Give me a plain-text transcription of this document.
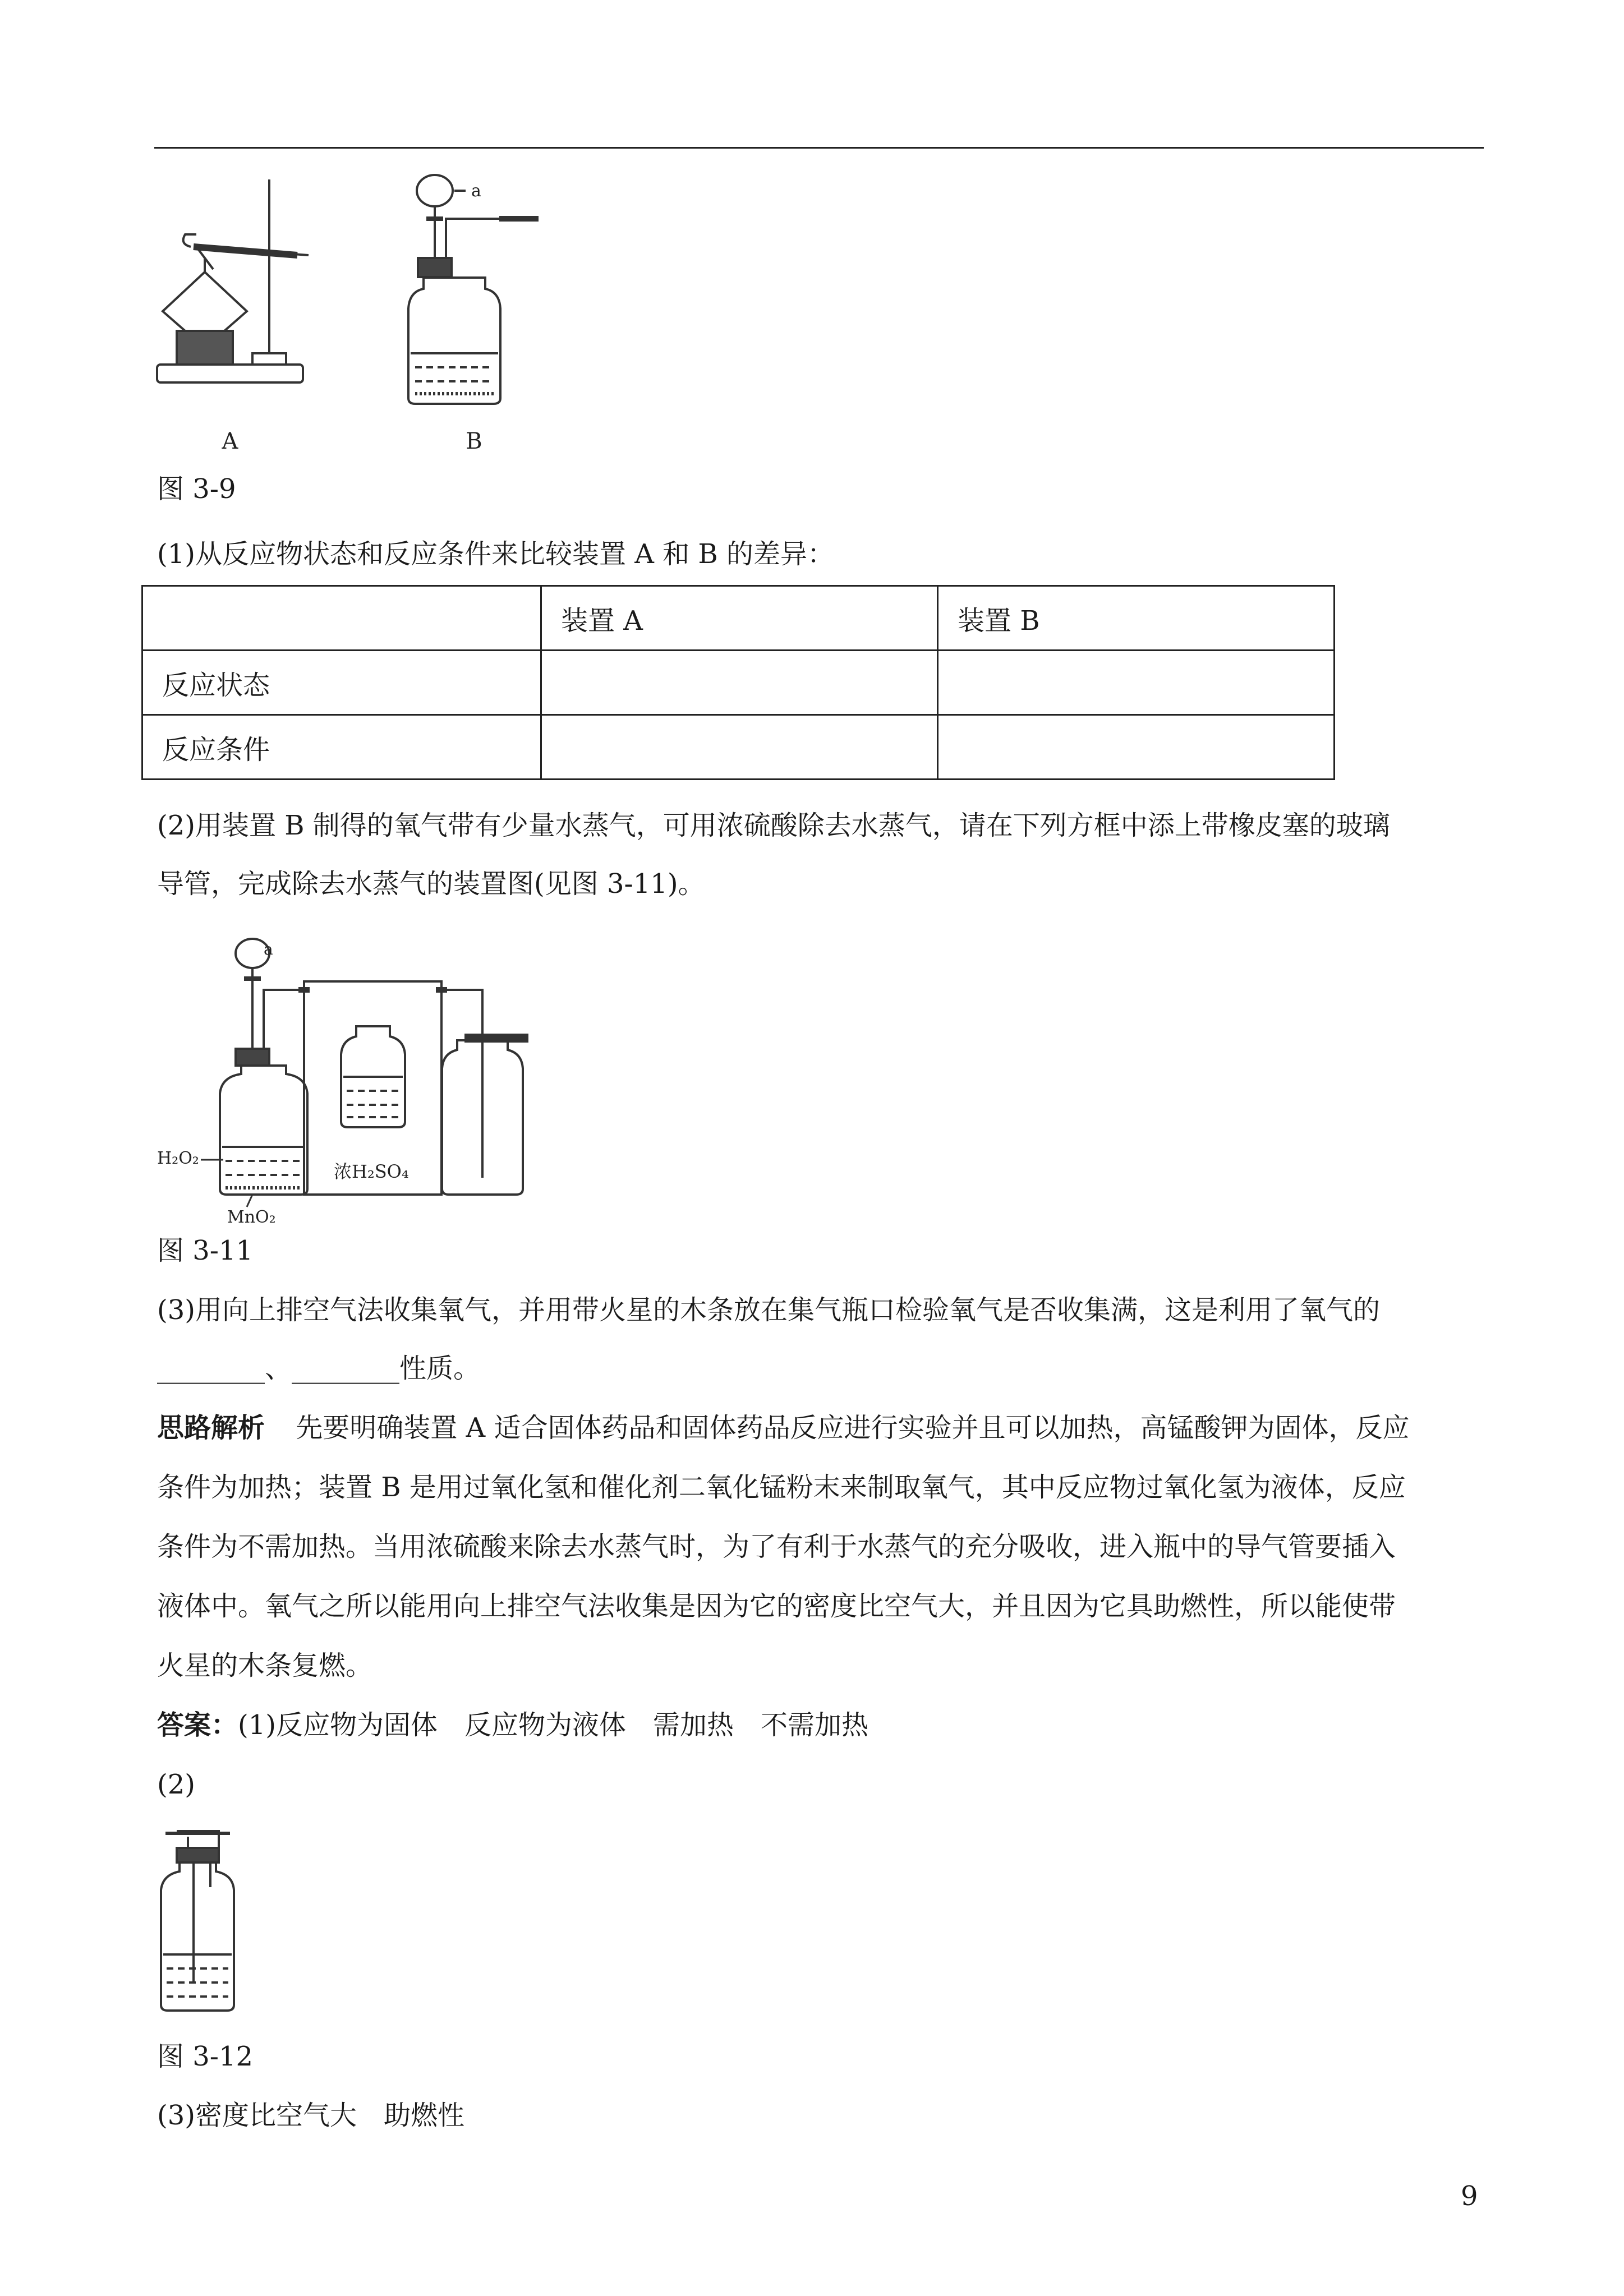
A
a
B
图 3-9
(1)从反应物状态和反应条件来比较装置 A 和 B 的差异：
	装置 A	装置 B
反应状态		
反应条件		
(2)用装置 B 制得的氧气带有少量水蒸气，可用浓硫酸除去水蒸气，请在下列方框中添上带橡皮塞的玻璃
导管，完成除去水蒸气的装置图(见图 3-11)。
a
H₂O₂
MnO₂
浓H₂SO₄
图 3-11
(3)用向上排空气法收集氧气，并用带火星的木条放在集气瓶口检验氧气是否收集满，这是利用了氧气的
________、________性质。
思路解析 先要明确装置 A 适合固体药品和固体药品反应进行实验并且可以加热，高锰酸钾为固体，反应
条件为加热；装置 B 是用过氧化氢和催化剂二氧化锰粉末来制取氧气，其中反应物过氧化氢为液体，反应
条件为不需加热。当用浓硫酸来除去水蒸气时，为了有利于水蒸气的充分吸收，进入瓶中的导气管要插入
液体中。氧气之所以能用向上排空气法收集是因为它的密度比空气大，并且因为它具助燃性，所以能使带
火星的木条复燃。
答案：(1)反应物为固体　反应物为液体　需加热　不需加热
(2)
图 3-12
(3)密度比空气大　助燃性
9
